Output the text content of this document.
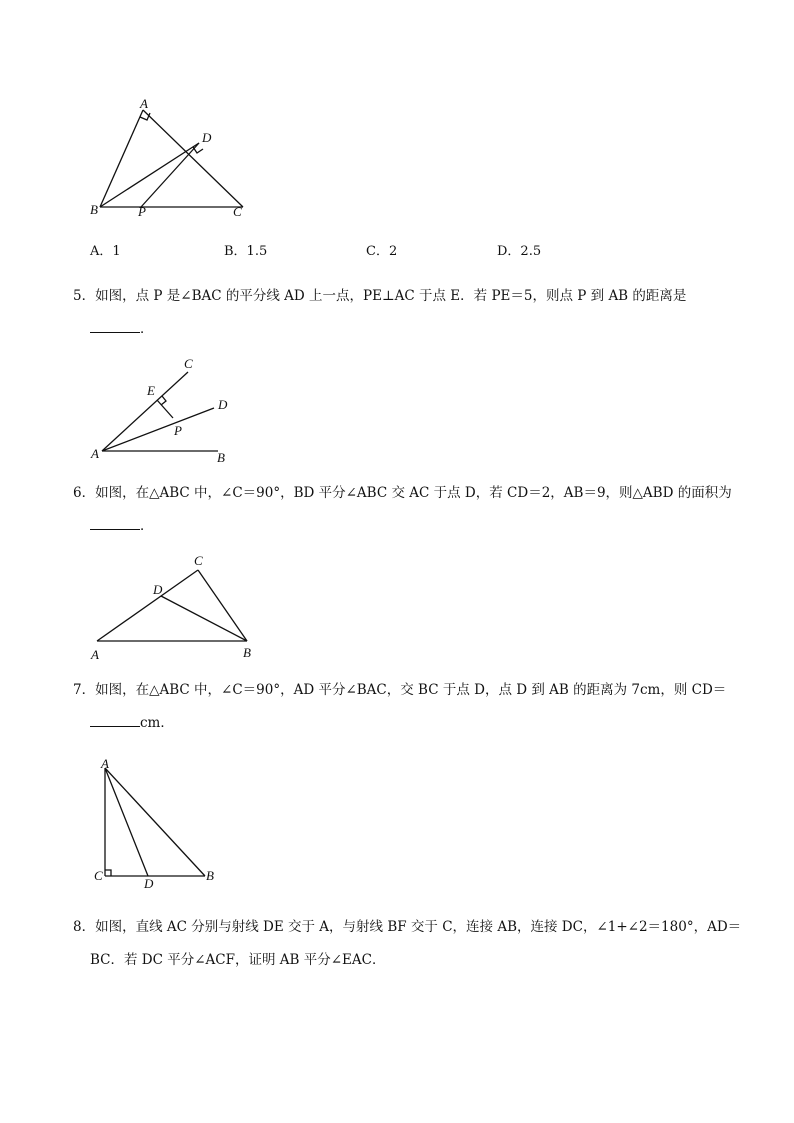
A
D
B	P	C
A．1	B．1.5	C．2	D．2.5
5．如图，点 P 是∠BAC 的平分线 AD 上一点，PE⊥AC 于点 E．若 PE＝5，则点 P 到 AB 的距离是
．
C
E
D
P
A	B
6．如图，在△ABC 中，∠C＝90°，BD 平分∠ABC 交 AC 于点 D，若 CD＝2，AB＝9，则△ABD 的面积为
．
C
D
A	B
7．如图，在△ABC 中，∠C＝90°，AD 平分∠BAC，交 BC 于点 D，点 D 到 AB 的距离为 7cm，则 CD＝
cm．
A
C
D
B
8．如图，直线 AC 分别与射线 DE 交于 A，与射线 BF 交于 C，连接 AB，连接 DC，∠1+∠2＝180°，AD＝
BC．若 DC 平分∠ACF，证明 AB 平分∠EAC．
